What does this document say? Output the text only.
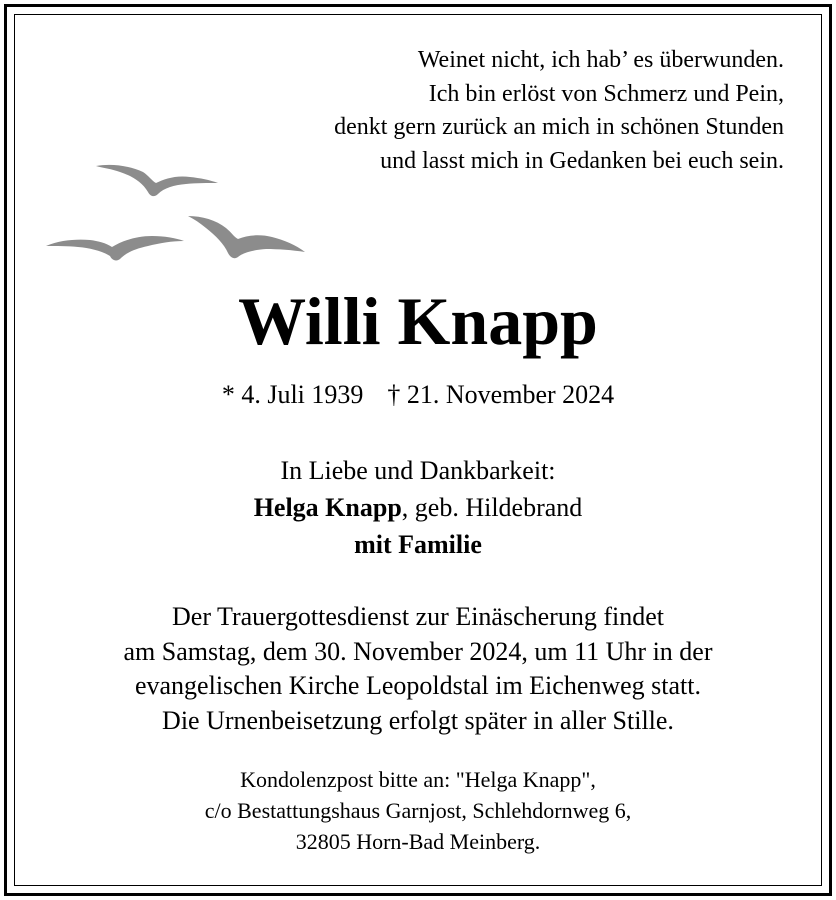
Weinet nicht, ich hab’ es überwunden.
Ich bin erlöst von Schmerz und Pein,
denkt gern zurück an mich in schönen Stunden
und lasst mich in Gedanken bei euch sein.
Willi Knapp
* 4. Juli 1939 † 21. November 2024
In Liebe und Dankbarkeit:
Helga Knapp, geb. Hildebrand
mit Familie
Der Trauergottesdienst zur Einäscherung findet
am Samstag, dem 30. November 2024, um 11 Uhr in der
evangelischen Kirche Leopoldstal im Eichenweg statt.
Die Urnenbeisetzung erfolgt später in aller Stille.
Kondolenzpost bitte an: "Helga Knapp",
c/o Bestattungshaus Garnjost, Schlehdornweg 6,
32805 Horn-Bad Meinberg.
